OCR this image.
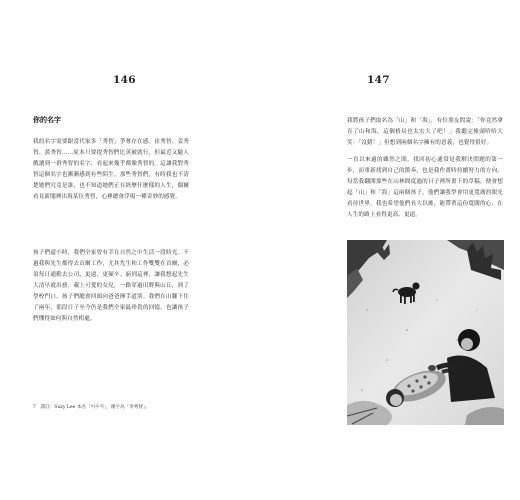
146
你的名字

我的名字需要跟當代家多「秀智」爭奪存在感。崔秀智、姜秀智、黃秀智……原本只要提秀智們比英被就行，但最近又隨人戲讀到一群秀智的名字，看起來幾乎都像秀智的。這讓我對秀智這個名字也漸漸感到有些陌生。那些秀智們，有時我也不清楚她們究竟是誰，也不知道她們正在經歷什麼樣的人生，偶爾看見新聞裡出現某位秀智，心裡總會浮現一種奇妙的感覺。

孩子們還小時，我們全家曾有幸在自然之中生活一段時光。不過我與先生都得去首爾工作，尤其先生和工作雙雙在首爾，必須每日通勤去公司，更遠、更顛辛。窮到這裡，讓我想起先生大清早就出發、載上可愛的女兒，一路穿過田野與山丘，到了學校門口，孩子們總會回頭向爸爸揮手道別。我們在山腳下住了兩年，那段日子至今仍是我們全家最珍貴的回憶，也讓孩子們懂得如何與自然相處。

7　譯註：Suzy Lee 本名「이수지」，漢字為「李秀智」。

147

我將孩子們取名為「山」和「海」，有位朋友問說：「你竟然拿育了山和海，這個格局也太宏大了吧！」我聽完後頭哈哈大笑：「沒錯！」但想到兩個名字擁有的意義，也覺得很好。

一直以來過的雖然之間，找回初心通常是我解決問題的第一步，而重新找到自己的節奏，也是我作畫時持續努力的方向。每當我翻開那些在山林間度過的日子裡所畫下的草稿，便會想起「山」和「海」這兩個孩子，他們讓我學會用更寬廣的眼光看待世界，我也希望他們長大以後，能帶著這份寬闊的心，在人生的路上看得更高、更遠。
